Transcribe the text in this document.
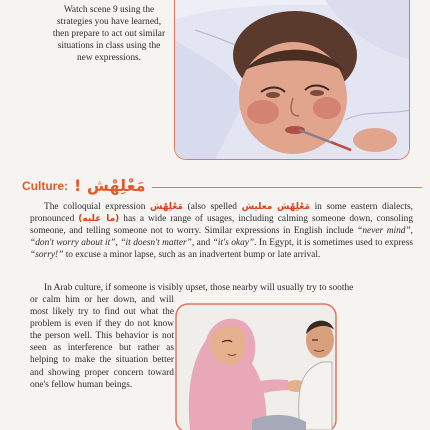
Watch scene 9 using the strategies you have learned, then prepare to act out similar situations in class using the new expressions.
Culture: مَعْلِهْش !
The colloquial expression مَعْلِهْش (also spelled	مَعْلِهْش معليش	in some eastern dialects, pronounced (ما عليه) has a wide range of usages, including calming someone down, consoling someone, and telling someone not to worry. Similar expressions in English include “never mind”, “don't worry about it”, “it doesn't matter”, and “it's okay”. In Egypt, it is sometimes used to express “sorry!” to excuse a minor lapse, such as an inadvertent bump or late arrival.
In Arab culture, if someone is visibly upset, those nearby will usually try to soothe
or calm him or her down, and will most likely try to find out what the problem is even if they do not know the person well. This behavior is not seen as interference but rather as helping to make the situation better and showing proper concern toward one's fellow human beings.
